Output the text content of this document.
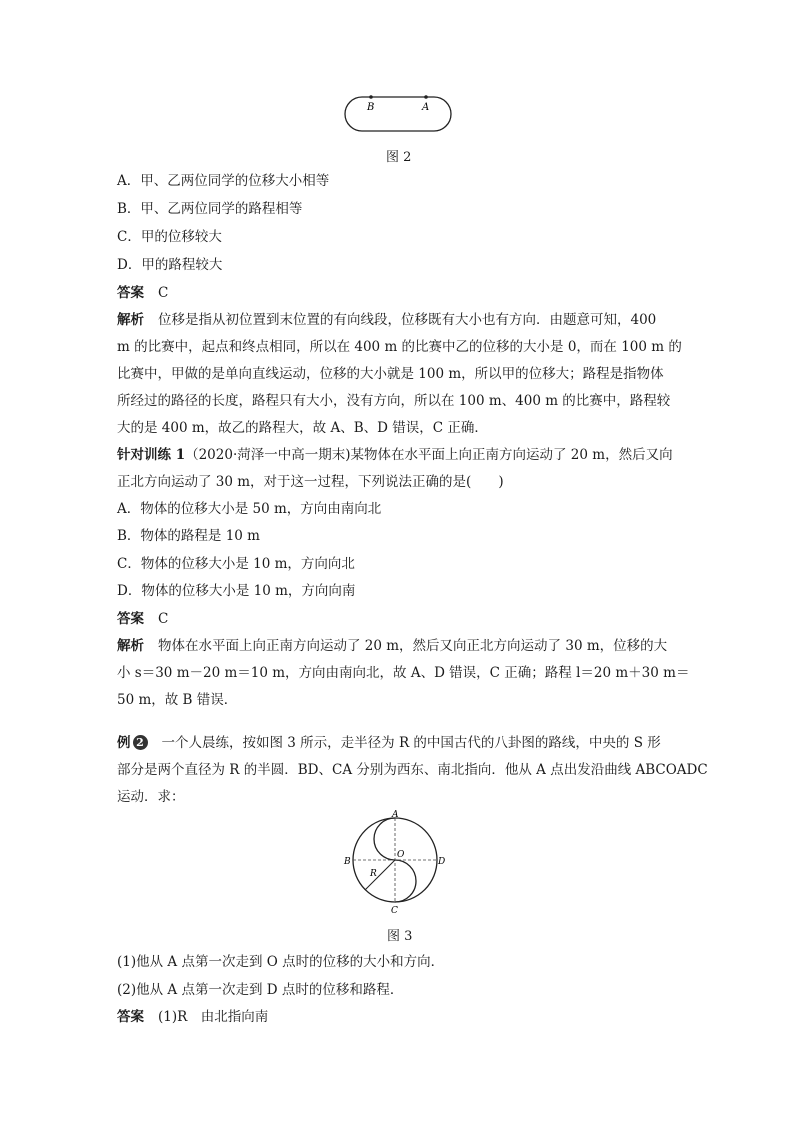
B	A
图 2
A．甲、乙两位同学的位移大小相等
B．甲、乙两位同学的路程相等
C．甲的位移较大
D．甲的路程较大
答案 C
解析 位移是指从初位置到末位置的有向线段，位移既有大小也有方向．由题意可知，400
m 的比赛中，起点和终点相同，所以在 400 m 的比赛中乙的位移的大小是 0，而在 100 m 的
比赛中，甲做的是单向直线运动，位移的大小就是 100 m，所以甲的位移大；路程是指物体
所经过的路径的长度，路程只有大小，没有方向，所以在 100 m、400 m 的比赛中，路程较
大的是 400 m，故乙的路程大，故 A、B、D 错误，C 正确．
针对训练 1（2020·菏泽一中高一期末)某物体在水平面上向正南方向运动了 20 m，然后又向
正北方向运动了 30 m，对于这一过程，下列说法正确的是(　　)
A．物体的位移大小是 50 m，方向由南向北
B．物体的路程是 10 m
C．物体的位移大小是 10 m，方向向北
D．物体的位移大小是 10 m，方向向南
答案 C
解析 物体在水平面上向正南方向运动了 20 m，然后又向正北方向运动了 30 m，位移的大
小 s＝30 m－20 m＝10 m，方向由南向北，故 A、D 错误，C 正确；路程 l＝20 m＋30 m＝
50 m，故 B 错误．
例 2 一个人晨练，按如图 3 所示，走半径为 R 的中国古代的八卦图的路线，中央的 S 形
部分是两个直径为 R 的半圆．BD、CA 分别为西东、南北指向．他从 A 点出发沿曲线 ABCOADC
运动．求：
A
B
C
D
O
R
图 3
(1)他从 A 点第一次走到 O 点时的位移的大小和方向．
(2)他从 A 点第一次走到 D 点时的位移和路程．
答案 (1)R　由北指向南
